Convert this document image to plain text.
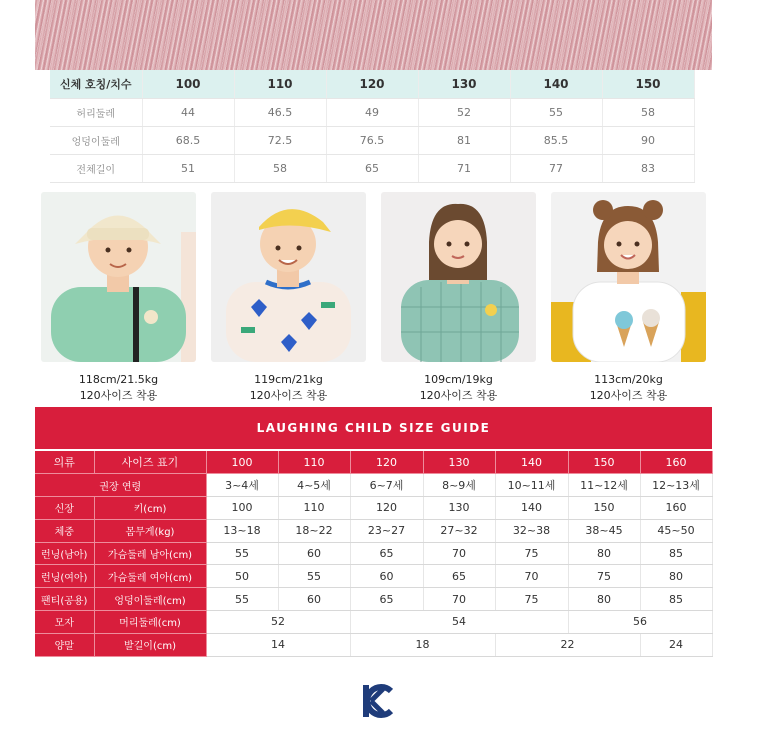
신체 호칭/치수	100	110	120	130	140	150
허리둘레	44	46.5	49	52	55	58
엉덩이둘레	68.5	72.5	76.5	81	85.5	90
전체길이	51	58	65	71	77	83
118cm/21.5kg
120사이즈 착용
119cm/21kg
120사이즈 착용
109cm/19kg
120사이즈 착용
113cm/20kg
120사이즈 착용
LAUGHING CHILD SIZE GUIDE
의류	사이즈 표기	100	110	120	130	140	150	160
권장 연령		3~4세	4~5세	6~7세	8~9세	10~11세	11~12세	12~13세
신장	키(cm)	100	110	120	130	140	150	160
체중	몸무게(kg)	13~18	18~22	23~27	27~32	32~38	38~45	45~50
런닝(남아)	가슴둘레 남아(cm)	55	60	65	70	75	80	85
런닝(여아)	가슴둘레 여아(cm)	50	55	60	65	70	75	80
팬티(공용)	엉덩이둘레(cm)	55	60	65	70	75	80	85
모자	머리둘레(cm)	52		54			56	
양말	발길이(cm)	14		18		22		24
